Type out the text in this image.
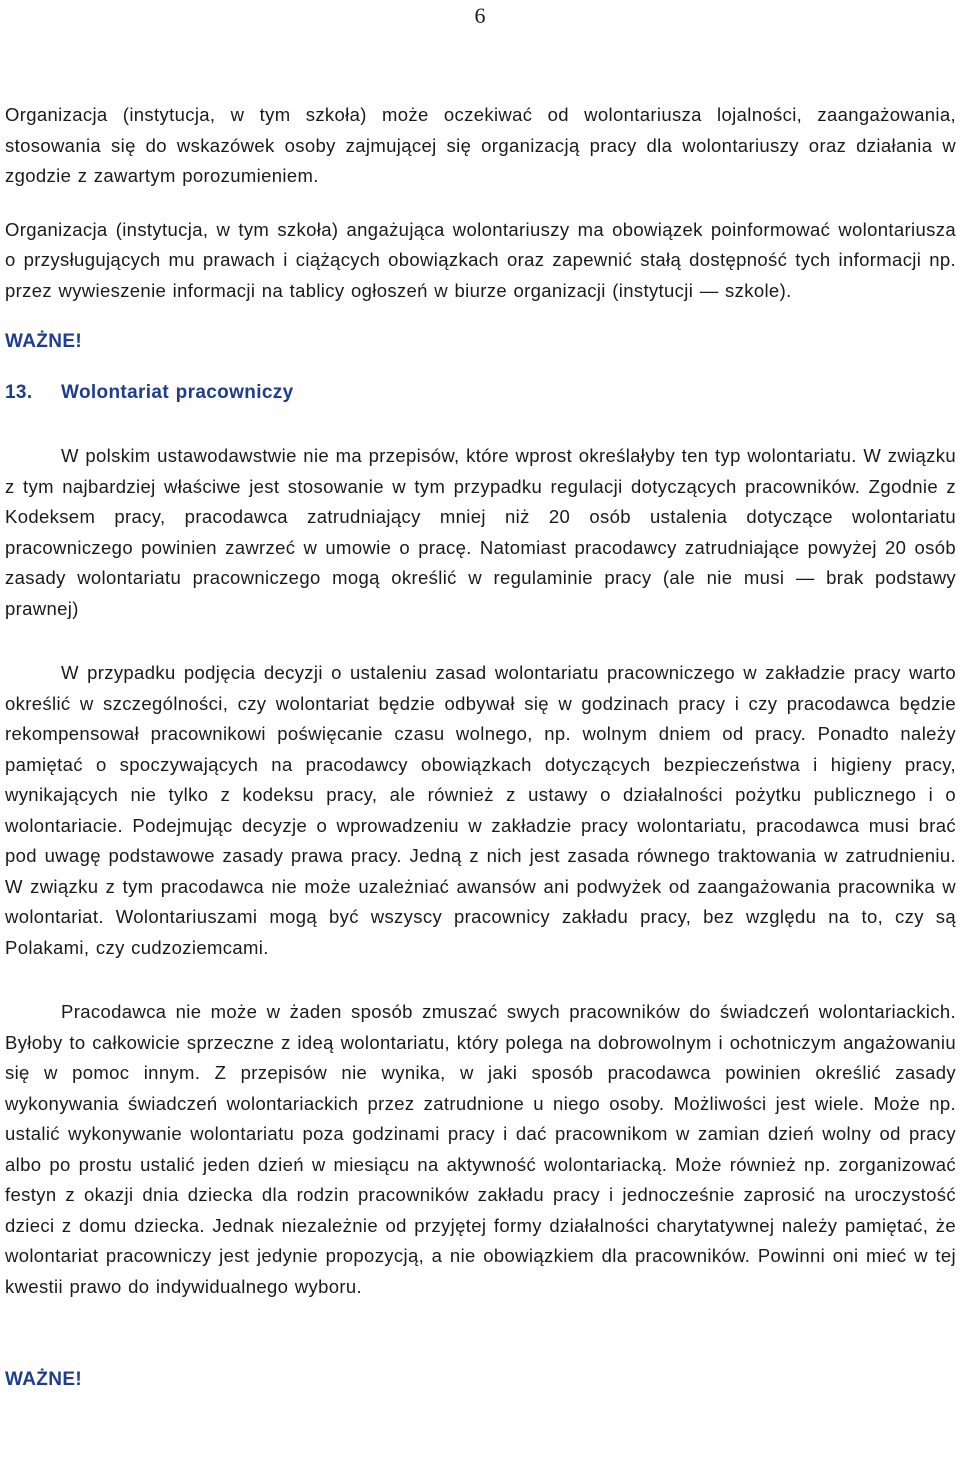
6

Organizacja (instytucja, w tym szkoła) może oczekiwać od wolontariusza lojalności, zaangażowania, stosowania się do wskazówek osoby zajmującej się organizacją pracy dla wolontariuszy oraz działania w zgodzie z zawartym porozumieniem.

Organizacja (instytucja, w tym szkoła) angażująca wolontariuszy ma obowiązek poinformować wolontariusza o przysługujących mu prawach i ciążących obowiązkach oraz zapewnić stałą dostępność tych informacji np. przez wywieszenie informacji na tablicy ogłoszeń w biurze organizacji (instytucji — szkole).

WAŻNE!

13. Wolontariat pracowniczy

W polskim ustawodawstwie nie ma przepisów, które wprost określałyby ten typ wolontariatu. W związku z tym najbardziej właściwe jest stosowanie w tym przypadku regulacji dotyczących pracowników. Zgodnie z Kodeksem pracy, pracodawca zatrudniający mniej niż 20 osób ustalenia dotyczące wolontariatu pracowniczego powinien zawrzeć w umowie o pracę. Natomiast pracodawcy zatrudniające powyżej 20 osób zasady wolontariatu pracowniczego mogą określić w regulaminie pracy (ale nie musi — brak podstawy prawnej)

W przypadku podjęcia decyzji o ustaleniu zasad wolontariatu pracowniczego w zakładzie pracy warto określić w szczególności, czy wolontariat będzie odbywał się w godzinach pracy i czy pracodawca będzie rekompensował pracownikowi poświęcanie czasu wolnego, np. wolnym dniem od pracy. Ponadto należy pamiętać o spoczywających na pracodawcy obowiązkach dotyczących bezpieczeństwa i higieny pracy, wynikających nie tylko z kodeksu pracy, ale również z ustawy o działalności pożytku publicznego i o wolontariacie. Podejmując decyzje o wprowadzeniu w zakładzie pracy wolontariatu, pracodawca musi brać pod uwagę podstawowe zasady prawa pracy. Jedną z nich jest zasada równego traktowania w zatrudnieniu. W związku z tym pracodawca nie może uzależniać awansów ani podwyżek od zaangażowania pracownika w wolontariat. Wolontariuszami mogą być wszyscy pracownicy zakładu pracy, bez względu na to, czy są Polakami, czy cudzoziemcami.

Pracodawca nie może w żaden sposób zmuszać swych pracowników do świadczeń wolontariackich. Byłoby to całkowicie sprzeczne z ideą wolontariatu, który polega na dobrowolnym i ochotniczym angażowaniu się w pomoc innym. Z przepisów nie wynika, w jaki sposób pracodawca powinien określić zasady wykonywania świadczeń wolontariackich przez zatrudnione u niego osoby. Możliwości jest wiele. Może np. ustalić wykonywanie wolontariatu poza godzinami pracy i dać pracownikom w zamian dzień wolny od pracy albo po prostu ustalić jeden dzień w miesiącu na aktywność wolontariacką. Może również np. zorganizować festyn z okazji dnia dziecka dla rodzin pracowników zakładu pracy i jednocześnie zaprosić na uroczystość dzieci z domu dziecka. Jednak niezależnie od przyjętej formy działalności charytatywnej należy pamiętać, że wolontariat pracowniczy jest jedynie propozycją, a nie obowiązkiem dla pracowników. Powinni oni mieć w tej kwestii prawo do indywidualnego wyboru.

WAŻNE!
